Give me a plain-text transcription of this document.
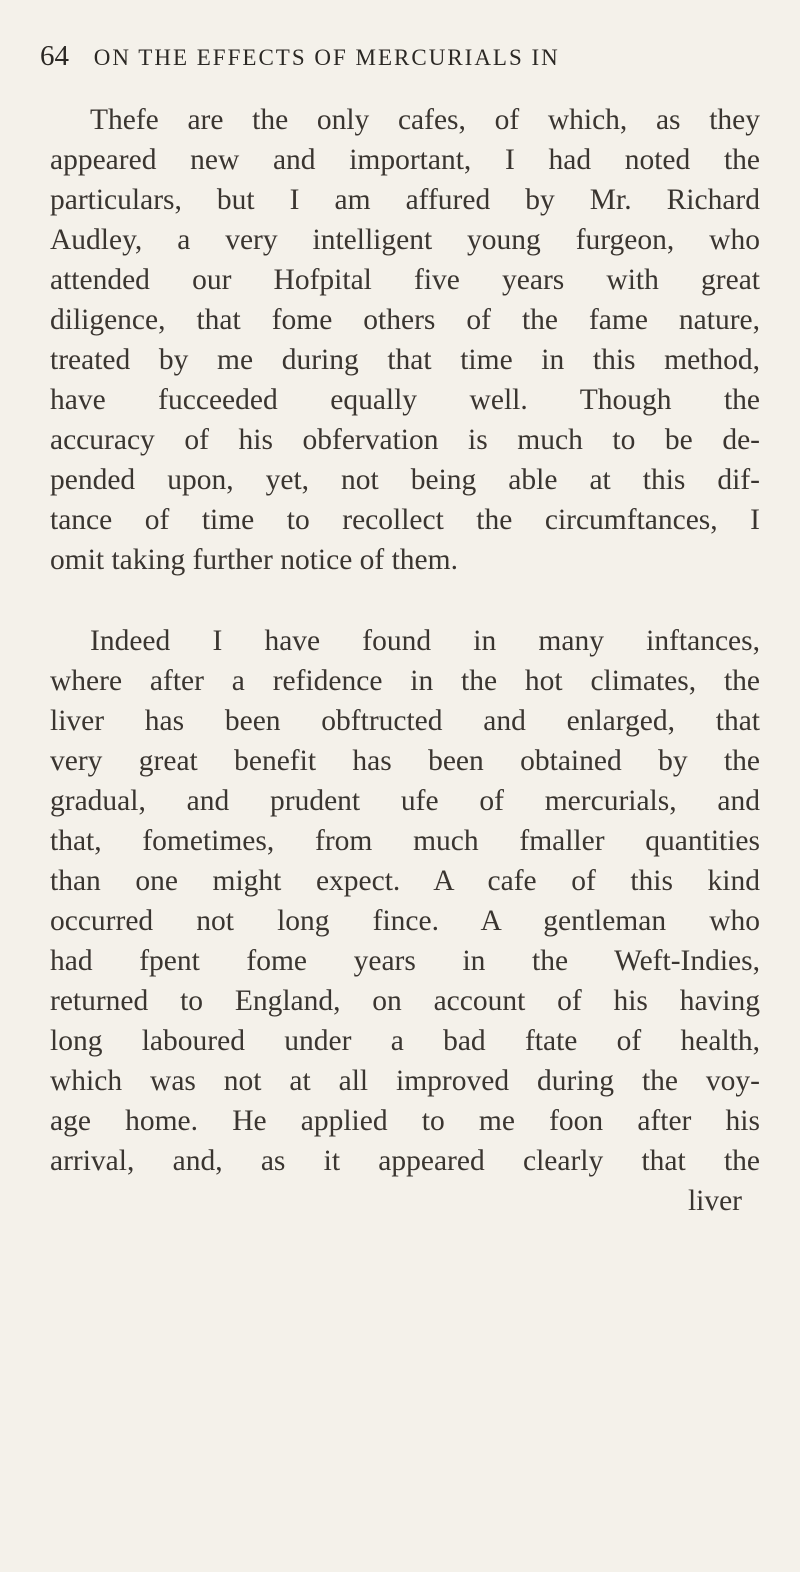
64 ON THE EFFECTS OF MERCURIALS IN
Thefe are the only cafes, of which, as they
appeared new and important, I had noted the
particulars, but I am affured by Mr. Richard
Audley, a very intelligent young furgeon, who
attended our Hofpital five years with great
diligence, that fome others of the fame nature,
treated by me during that time in this method,
have fucceeded equally well. Though the
accuracy of his obfervation is much to be de-
pended upon, yet, not being able at this dif-
tance of time to recollect the circumftances, I
omit taking further notice of them.
Indeed I have found in many inftances,
where after a refidence in the hot climates, the
liver has been obftructed and enlarged, that
very great benefit has been obtained by the
gradual, and prudent ufe of mercurials, and
that, fometimes, from much fmaller quantities
than one might expect. A cafe of this kind
occurred not long fince. A gentleman who
had fpent fome years in the Weft-Indies,
returned to England, on account of his having
long laboured under a bad ftate of health,
which was not at all improved during the voy-
age home. He applied to me foon after his
arrival, and, as it appeared clearly that the
liver
